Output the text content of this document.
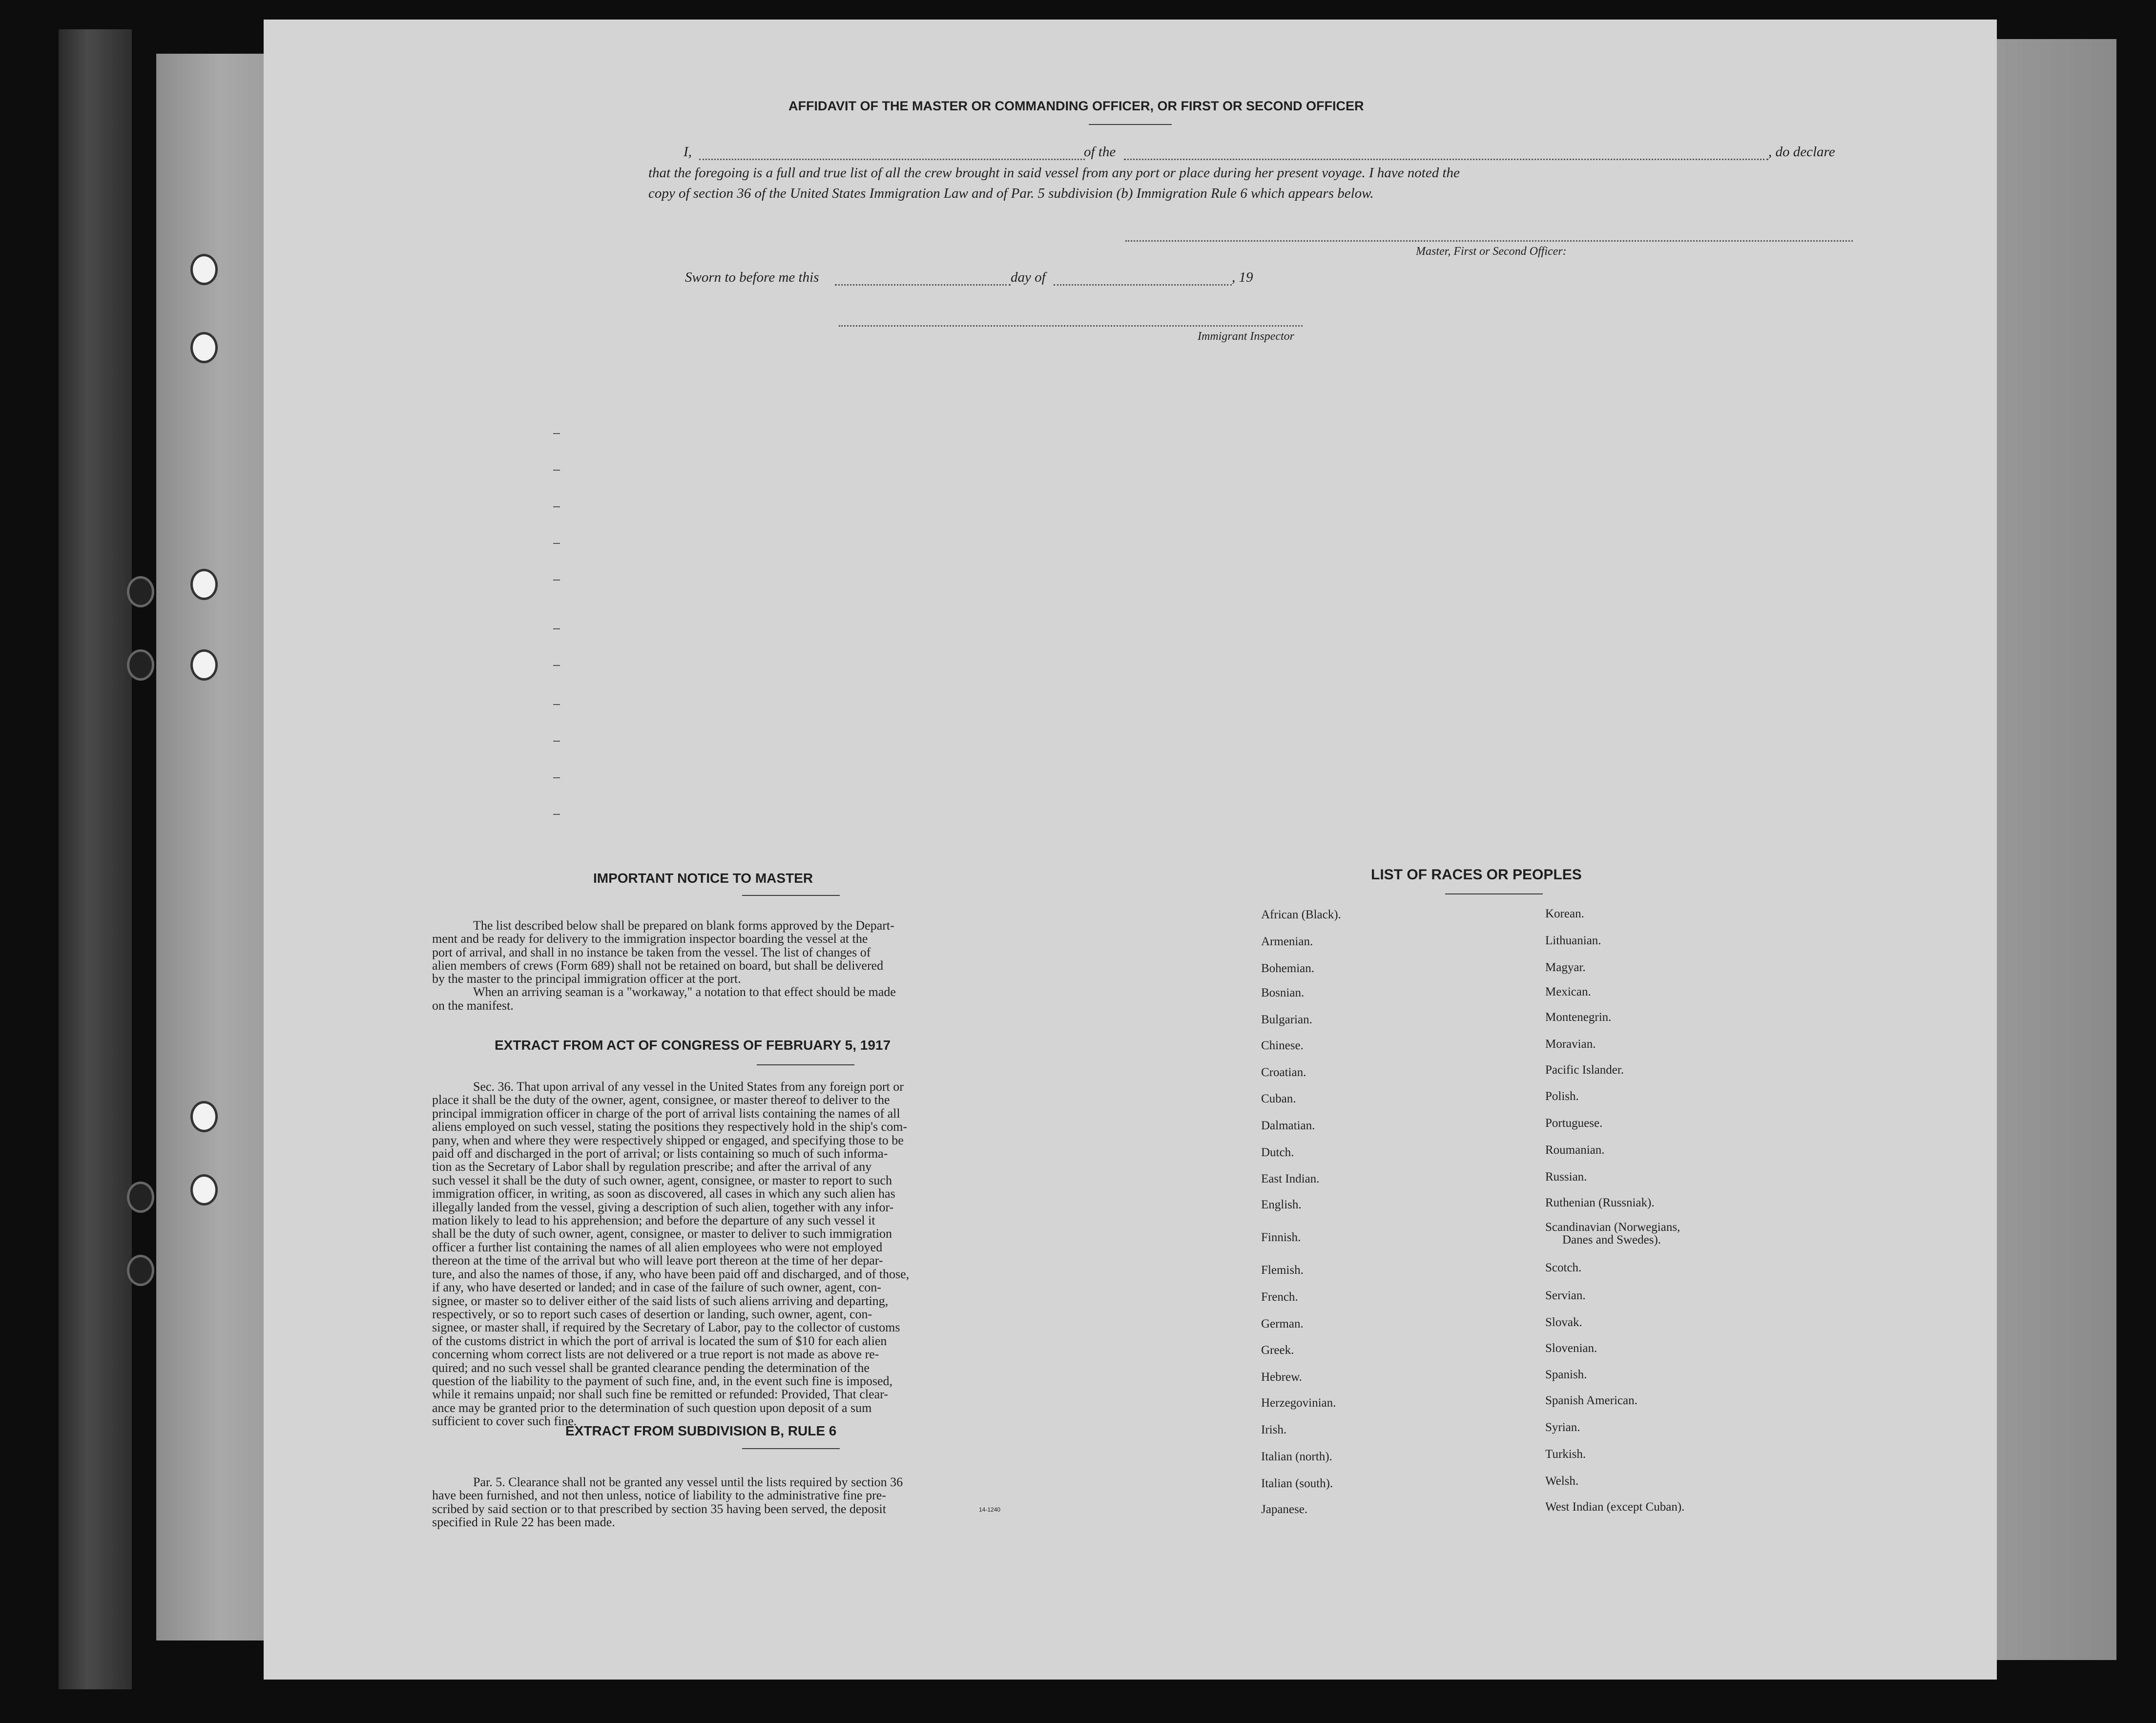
AFFIDAVIT OF THE MASTER OR COMMANDING OFFICER, OR FIRST OR SECOND OFFICER
I,	of the	, do declare
that the foregoing is a full and true list of all the crew brought in said vessel from any port or place during her present voyage. I have noted the
copy of section 36 of the United States Immigration Law and of Par. 5 subdivision (b) Immigration Rule 6 which appears below.
Master, First or Second Officer:
Sworn to before me this	day of	, 19
Immigrant Inspector
IMPORTANT NOTICE TO MASTER
The list described below shall be prepared on blank forms approved by the Depart-
ment and be ready for delivery to the immigration inspector boarding the vessel at the
port of arrival, and shall in no instance be taken from the vessel. The list of changes of
alien members of crews (Form 689) shall not be retained on board, but shall be delivered
by the master to the principal immigration officer at the port.
When an arriving seaman is a "workaway," a notation to that effect should be made
on the manifest.
EXTRACT FROM ACT OF CONGRESS OF FEBRUARY 5, 1917
Sec. 36. That upon arrival of any vessel in the United States from any foreign port or
place it shall be the duty of the owner, agent, consignee, or master thereof to deliver to the
principal immigration officer in charge of the port of arrival lists containing the names of all
aliens employed on such vessel, stating the positions they respectively hold in the ship's com-
pany, when and where they were respectively shipped or engaged, and specifying those to be
paid off and discharged in the port of arrival; or lists containing so much of such informa-
tion as the Secretary of Labor shall by regulation prescribe; and after the arrival of any
such vessel it shall be the duty of such owner, agent, consignee, or master to report to such
immigration officer, in writing, as soon as discovered, all cases in which any such alien has
illegally landed from the vessel, giving a description of such alien, together with any infor-
mation likely to lead to his apprehension; and before the departure of any such vessel it
shall be the duty of such owner, agent, consignee, or master to deliver to such immigration
officer a further list containing the names of all alien employees who were not employed
thereon at the time of the arrival but who will leave port thereon at the time of her depar-
ture, and also the names of those, if any, who have been paid off and discharged, and of those,
if any, who have deserted or landed; and in case of the failure of such owner, agent, con-
signee, or master so to deliver either of the said lists of such aliens arriving and departing,
respectively, or so to report such cases of desertion or landing, such owner, agent, con-
signee, or master shall, if required by the Secretary of Labor, pay to the collector of customs
of the customs district in which the port of arrival is located the sum of $10 for each alien
concerning whom correct lists are not delivered or a true report is not made as above re-
quired; and no such vessel shall be granted clearance pending the determination of the
question of the liability to the payment of such fine, and, in the event such fine is imposed,
while it remains unpaid; nor shall such fine be remitted or refunded: Provided, That clear-
ance may be granted prior to the determination of such question upon deposit of a sum
sufficient to cover such fine.
EXTRACT FROM SUBDIVISION B, RULE 6
Par. 5. Clearance shall not be granted any vessel until the lists required by section 36
have been furnished, and not then unless, notice of liability to the administrative fine pre-
scribed by said section or to that prescribed by section 35 having been served, the deposit
specified in Rule 22 has been made.
14-1240
LIST OF RACES OR PEOPLES
African (Black).
Armenian.
Bohemian.
Bosnian.
Bulgarian.
Chinese.
Croatian.
Cuban.
Dalmatian.
Dutch.
East Indian.
English.
Finnish.
Flemish.
French.
German.
Greek.
Hebrew.
Herzegovinian.
Irish.
Italian (north).
Italian (south).
Japanese.
Korean.
Lithuanian.
Magyar.
Mexican.
Montenegrin.
Moravian.
Pacific Islander.
Polish.
Portuguese.
Roumanian.
Russian.
Ruthenian (Russniak).
Scandinavian (Norwegians,
Danes and Swedes).
Scotch.
Servian.
Slovak.
Slovenian.
Spanish.
Spanish American.
Syrian.
Turkish.
Welsh.
West Indian (except Cuban).
